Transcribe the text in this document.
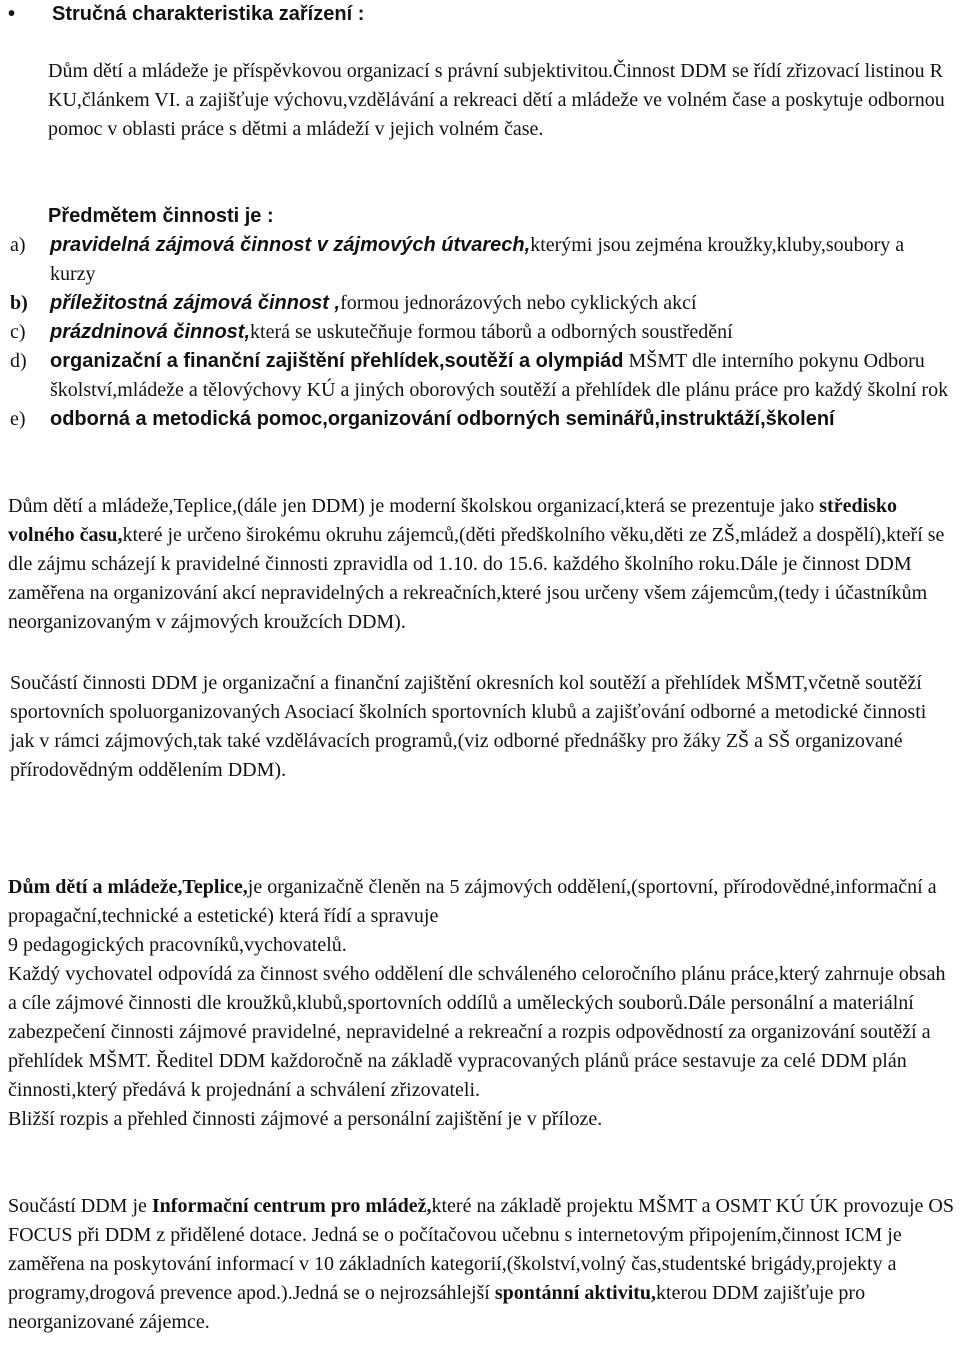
• Stručná charakteristika zařízení :
Dům dětí a mládeže je příspěvkovou organizací s právní subjektivitou.Činnost DDM se řídí zřizovací listinou R KU,článkem VI. a zajišťuje výchovu,vzdělávání a rekreaci dětí a mládeže ve volném čase a poskytuje odbornou pomoc v oblasti práce s dětmi a mládeží v jejich volném čase.
Předmětem činnosti je :
a)	pravidelná zájmová činnost v zájmových útvarech,kterými jsou zejména kroužky,kluby,soubory a kurzy
b)	příležitostná zájmová činnost ,formou jednorázových nebo cyklických akcí
c)	prázdninová činnost,která se uskutečňuje formou táborů a odborných soustředění
d)	organizační a finanční zajištění přehlídek,soutěží a olympiád MŠMT dle interního pokynu Odboru školství,mládeže a tělovýchovy KÚ a jiných oborových soutěží a přehlídek dle plánu práce pro každý školní rok
e)	odborná a metodická pomoc,organizování odborných seminářů,instruktáží,školení
Dům dětí a mládeže,Teplice,(dále jen DDM) je moderní školskou organizací,která se prezentuje jako středisko volného času,které je určeno širokému okruhu zájemců,(děti předškolního věku,děti ze ZŠ,mládež a dospělí),kteří se dle zájmu scházejí k pravidelné činnosti zpravidla od 1.10. do 15.6. každého školního roku.Dále je činnost DDM zaměřena na organizování akcí nepravidelných a rekreačních,které jsou určeny všem zájemcům,(tedy i účastníkům neorganizovaným v zájmových kroužcích DDM).
Součástí činnosti DDM je organizační a finanční zajištění okresních kol soutěží a přehlídek MŠMT,včetně soutěží sportovních spoluorganizovaných Asociací školních sportovních klubů a zajišťování odborné a metodické činnosti jak v rámci zájmových,tak také vzdělávacích programů,(viz odborné přednášky pro žáky ZŠ a SŠ organizované přírodovědným oddělením DDM).
Dům dětí a mládeže,Teplice,je organizačně členěn na 5 zájmových oddělení,(sportovní, přírodovědné,informační a propagační,technické a estetické) která řídí a spravuje
9 pedagogických pracovníků,vychovatelů.
Každý vychovatel odpovídá za činnost svého oddělení dle schváleného celoročního plánu práce,který zahrnuje obsah a cíle zájmové činnosti dle kroužků,klubů,sportovních oddílů a uměleckých souborů.Dále personální a materiální zabezpečení činnosti zájmové pravidelné, nepravidelné a rekreační a rozpis odpovědností za organizování soutěží a přehlídek MŠMT. Ředitel DDM každoročně na základě vypracovaných plánů práce sestavuje za celé DDM plán činnosti,který předává k projednání a schválení zřizovateli.
Bližší rozpis a přehled činnosti zájmové a personální zajištění je v příloze.
Součástí DDM je Informační centrum pro mládež,které na základě projektu MŠMT a OSMT KÚ ÚK provozuje OS FOCUS při DDM z přidělené dotace. Jedná se o počítačovou učebnu s internetovým připojením,činnost ICM je zaměřena na poskytování informací v 10 základních kategorií,(školství,volný čas,studentské brigády,projekty a programy,drogová prevence apod.).Jedná se o nejrozsáhlejší spontánní aktivitu,kterou DDM zajišťuje pro neorganizované zájemce.
